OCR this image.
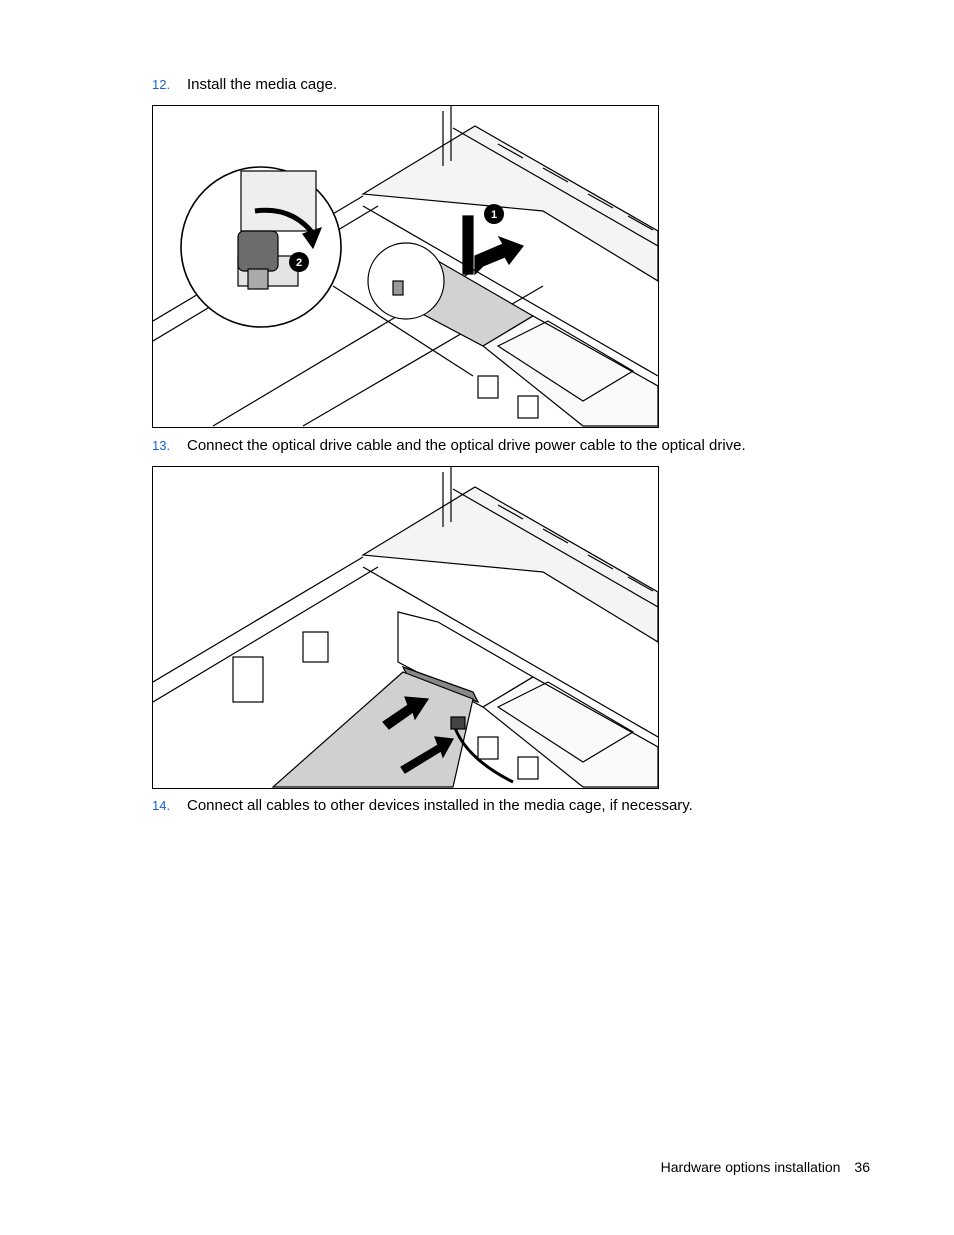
12. Install the media cage.
1
2
13. Connect the optical drive cable and the optical drive power cable to the optical drive.
14. Connect all cables to other devices installed in the media cage, if necessary.
Hardware options installation 36
